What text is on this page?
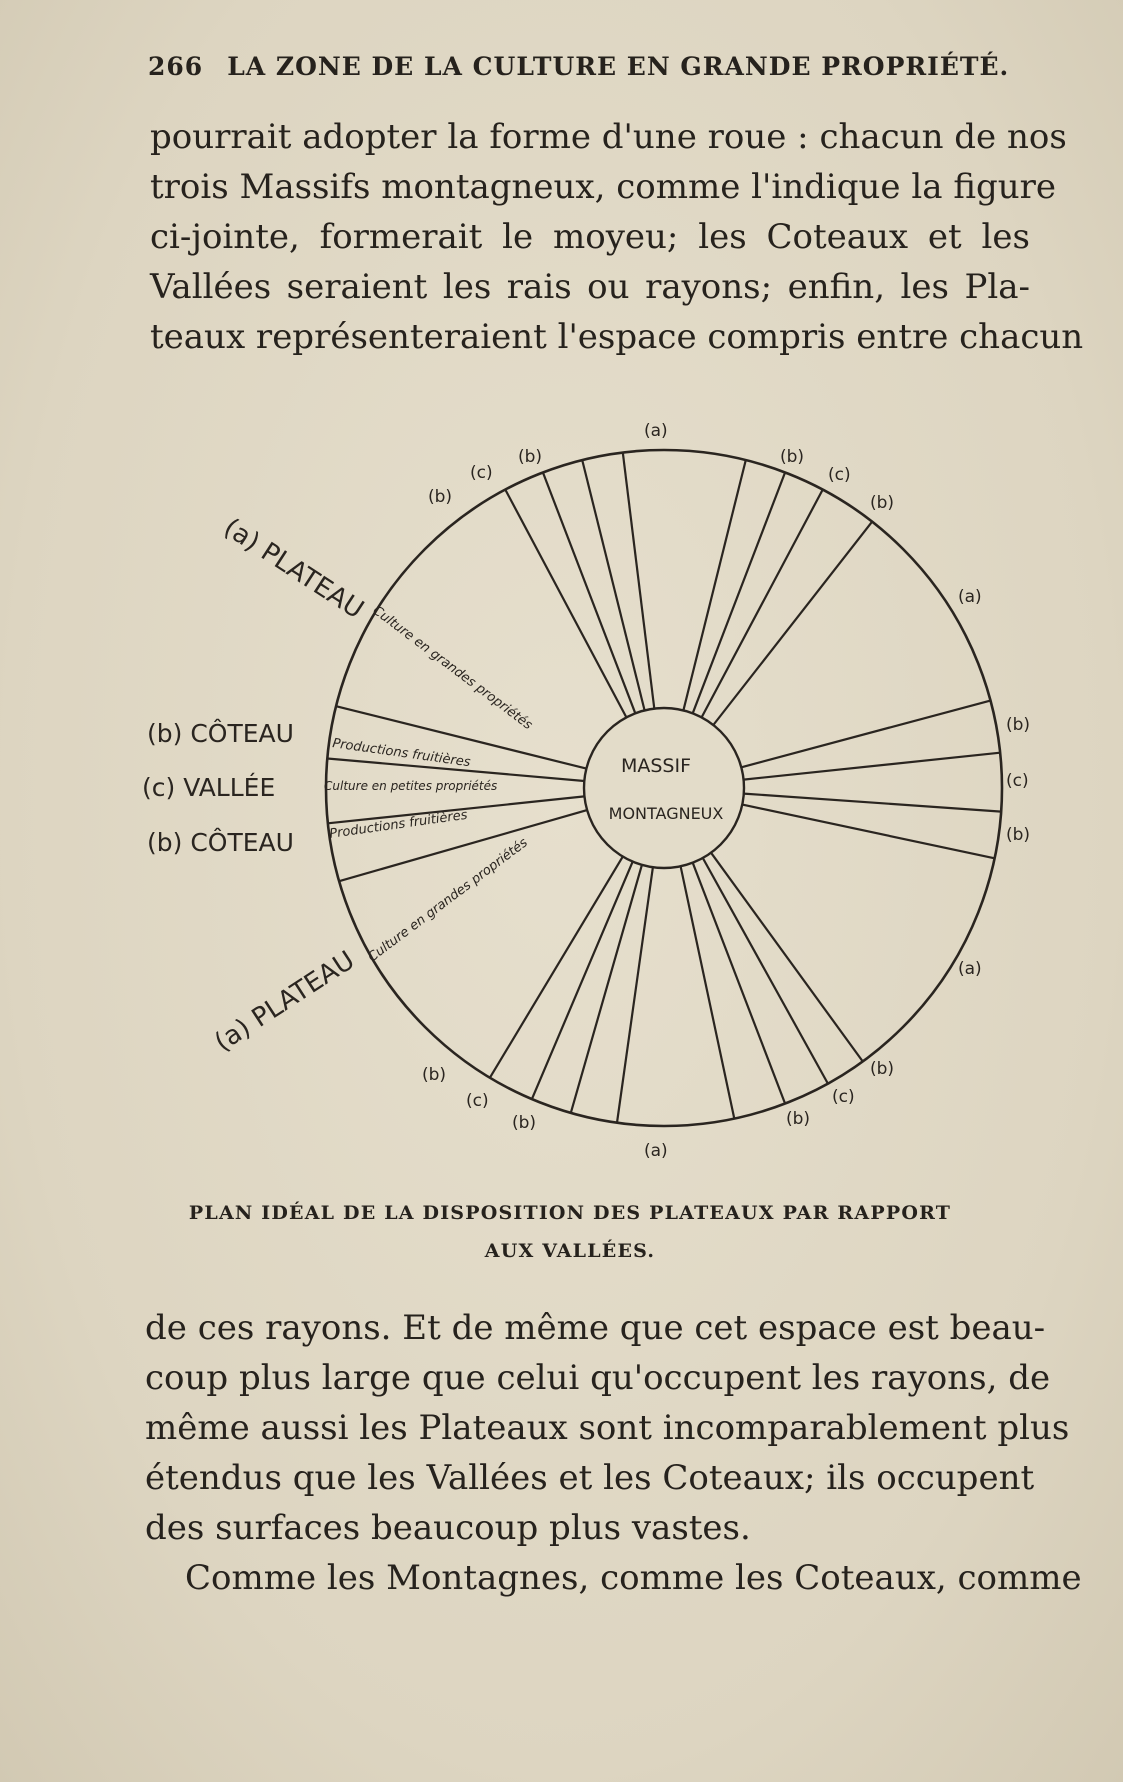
266 LA ZONE DE LA CULTURE EN GRANDE PROPRIÉTÉ.
pourrait adopter la forme d'une roue : chacun de nos
trois Massifs montagneux, comme l'indique la figure
ci-jointe, formerait le moyeu; les Coteaux et les
Vallées seraient les rais ou rayons; enfin, les Pla-
teaux représenteraient l'espace compris entre chacun
MASSIF
MONTAGNEUX
(a) PLATEAU
(b) CÔTEAU
(c) VALLÉE
(b) CÔTEAU
(a) PLATEAU
Culture en grandes propriétés
Productions fruitières
Culture en petites propriétés
Productions fruitières
Culture en grandes propriétés
(a)
(a)
(a)
(a)
(b)
(b)	(b)
(b)
(b)
(b)
(b)
(b)
(b)
(b)
(c)	(c)
(c)
(c)
(c)
PLAN IDÉAL DE LA DISPOSITION DES PLATEAUX PAR RAPPORT
AUX VALLÉES.
de ces rayons. Et de même que cet espace est beau-
coup plus large que celui qu'occupent les rayons, de
même aussi les Plateaux sont incomparablement plus
étendus que les Vallées et les Coteaux; ils occupent
des surfaces beaucoup plus vastes.
Comme les Montagnes, comme les Coteaux, comme
